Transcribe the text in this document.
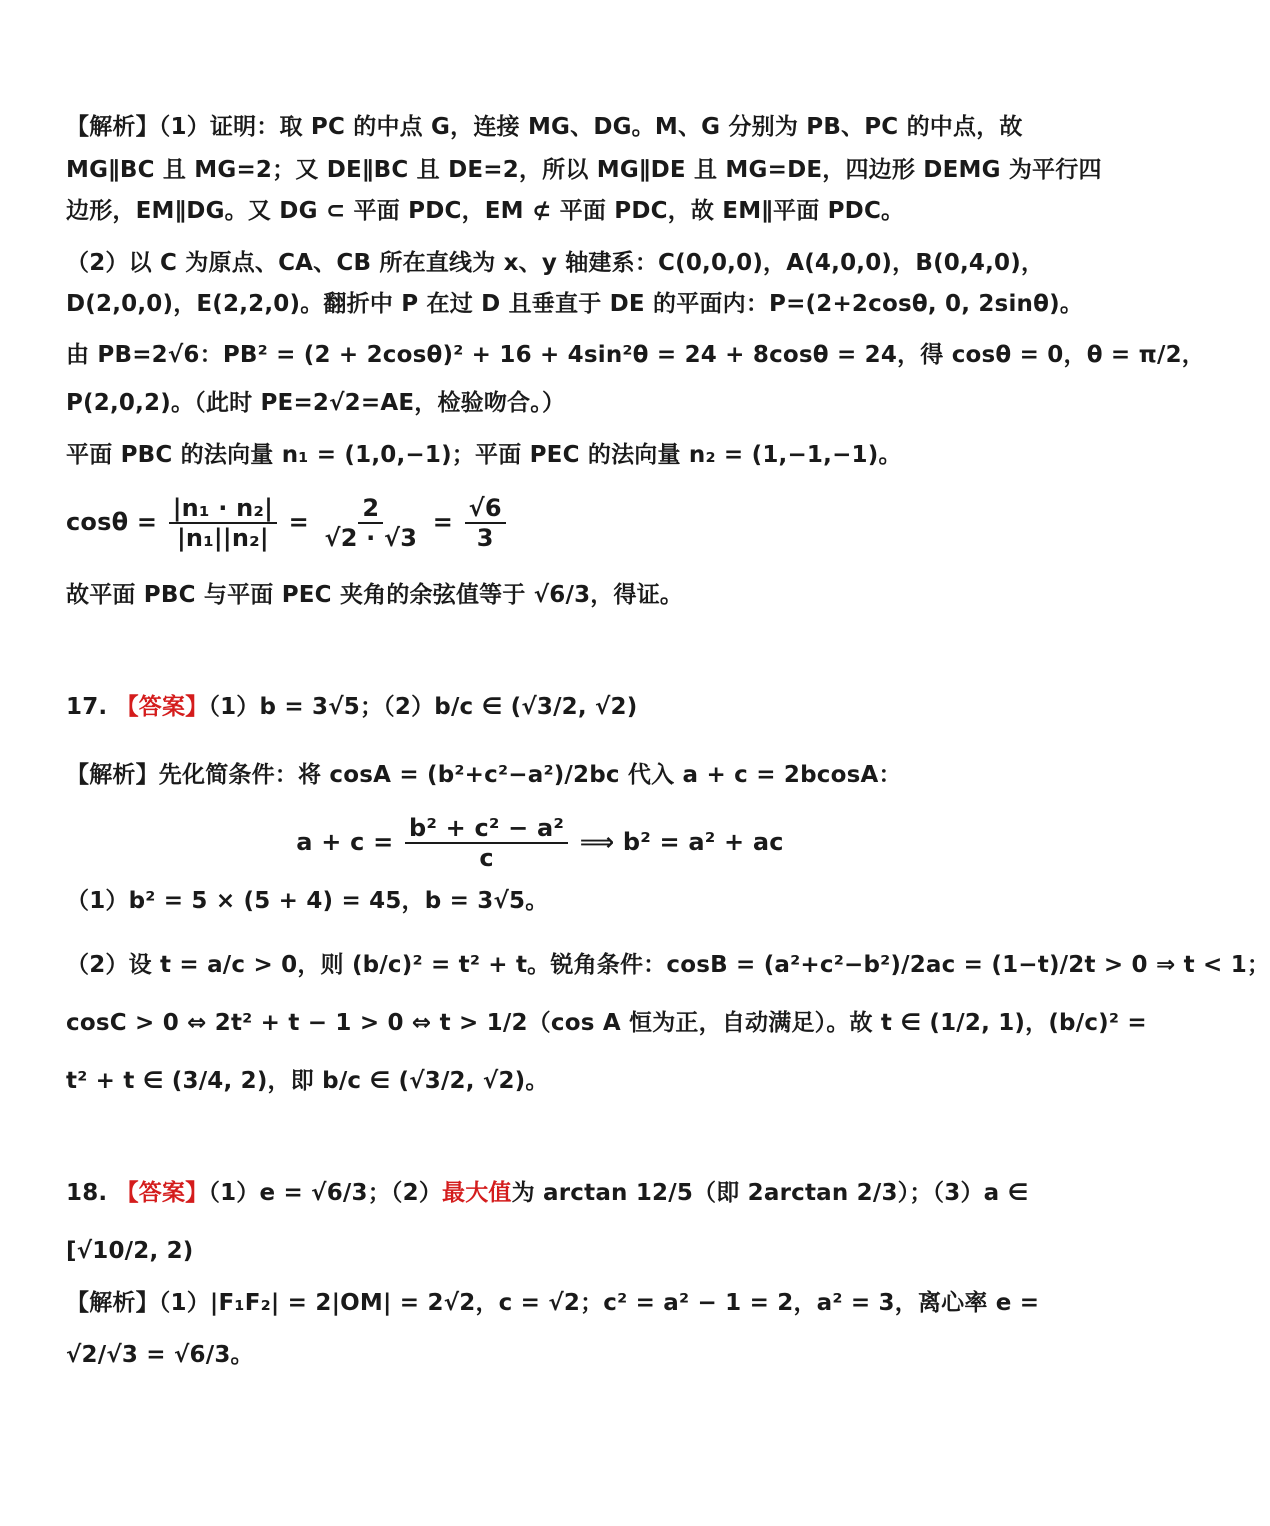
【解析】（1）证明：取 PC 的中点 G，连接 MG、DG。M、G 分别为 PB、PC 的中点，故
MG∥BC 且 MG=2；又 DE∥BC 且 DE=2，所以 MG∥DE 且 MG=DE，四边形 DEMG 为平行四
边形，EM∥DG。又 DG ⊂ 平面 PDC，EM ⊄ 平面 PDC，故 EM∥平面 PDC。
（2）以 C 为原点、CA、CB 所在直线为 x、y 轴建系：C(0,0,0)，A(4,0,0)，B(0,4,0)，
D(2,0,0)，E(2,2,0)。翻折中 P 在过 D 且垂直于 DE 的平面内：P=(2+2cosθ, 0, 2sinθ)。
由 PB=2√6：PB² = (2 + 2cosθ)² + 16 + 4sin²θ = 24 + 8cosθ = 24，得 cosθ = 0，θ = π/2，
P(2,0,2)。（此时 PE=2√2=AE，检验吻合。）
平面 PBC 的法向量 n₁ = (1,0,−1)；平面 PEC 的法向量 n₂ = (1,−1,−1)。
$\cos\theta = \frac{\text{|n₁ · n₂|}}{\text{|n₁||n₂|}} = \frac{2}{√2 \cdot √3} = \frac{√6}{3}$
故平面 PBC 与平面 PEC 夹角的余弦值等于 √6/3，得证。
17. 【答案】（1）b = 3√5；（2）b/c ∈ (√3/2, √2)
【解析】先化简条件：将 cosA = (b²+c²−a²)/2bc 代入 a + c = 2bcosA：
$a + c = \frac{\text{b² + c² − a²}}{c}$ ⟹ b² = a² + ac
（1）b² = 5 × (5 + 4) = 45，b = 3√5。
（2）设 t = a/c > 0，则 (b/c)² = t² + t。锐角条件：cosB = (a²+c²−b²)/2ac = (1−t)/2t > 0 ⇒ t < 1；
cosC > 0 ⇔ 2t² + t − 1 > 0 ⇔ t > 1/2（cos A 恒为正，自动满足）。故 t ∈ (1/2, 1)，(b/c)² =
t² + t ∈ (3/4, 2)，即 b/c ∈ (√3/2, √2)。
18. 【答案】（1）e = √6/3；（2）最大值为 arctan 12/5（即 2arctan 2/3）；（3）a ∈
[√10/2, 2)
【解析】（1）|F₁F₂| = 2|OM| = 2√2，c = √2；c² = a² − 1 = 2，a² = 3，离心率 e =
√2/√3 = √6/3。
